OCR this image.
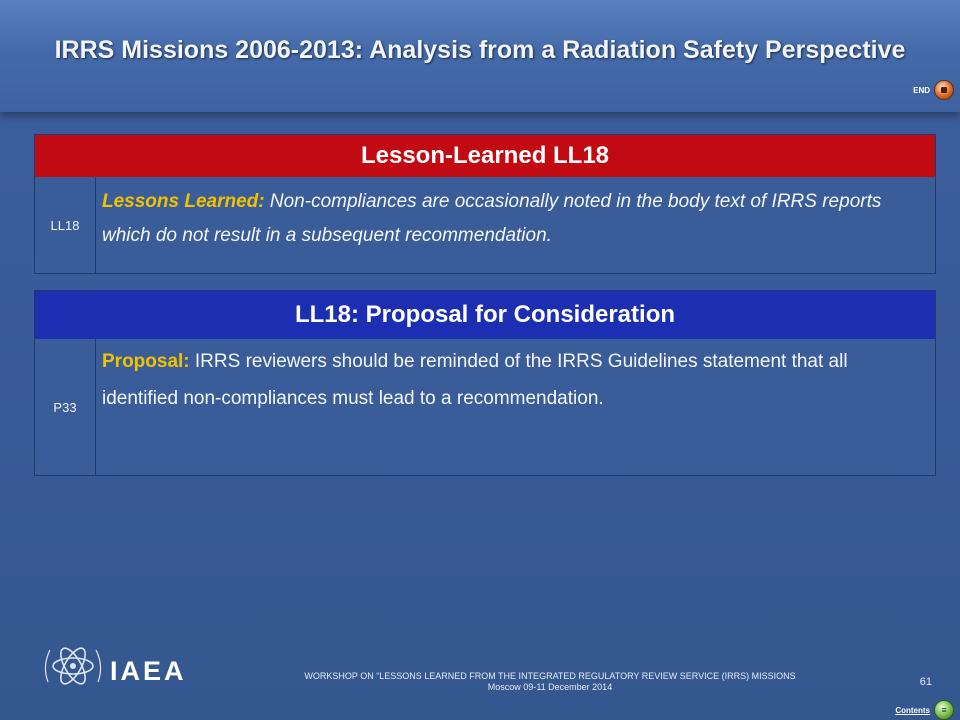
IRRS Missions 2006-2013: Analysis from a Radiation Safety Perspective
END
Lesson-Learned LL18
LL18
Lessons Learned: Non-compliances are occasionally noted in the body text of IRRS reports which do not result in a subsequent recommendation.
LL18: Proposal for Consideration
P33
Proposal: IRRS reviewers should be reminded of the IRRS Guidelines statement that all identified non-compliances must lead to a recommendation.
IAEA	WORKSHOP ON “LESSONS LEARNED FROM THE INTEGRATED REGULATORY REVIEW SERVICE (IRRS) MISSIONS
Moscow 09-11 December 2014	61
Contents	≡
